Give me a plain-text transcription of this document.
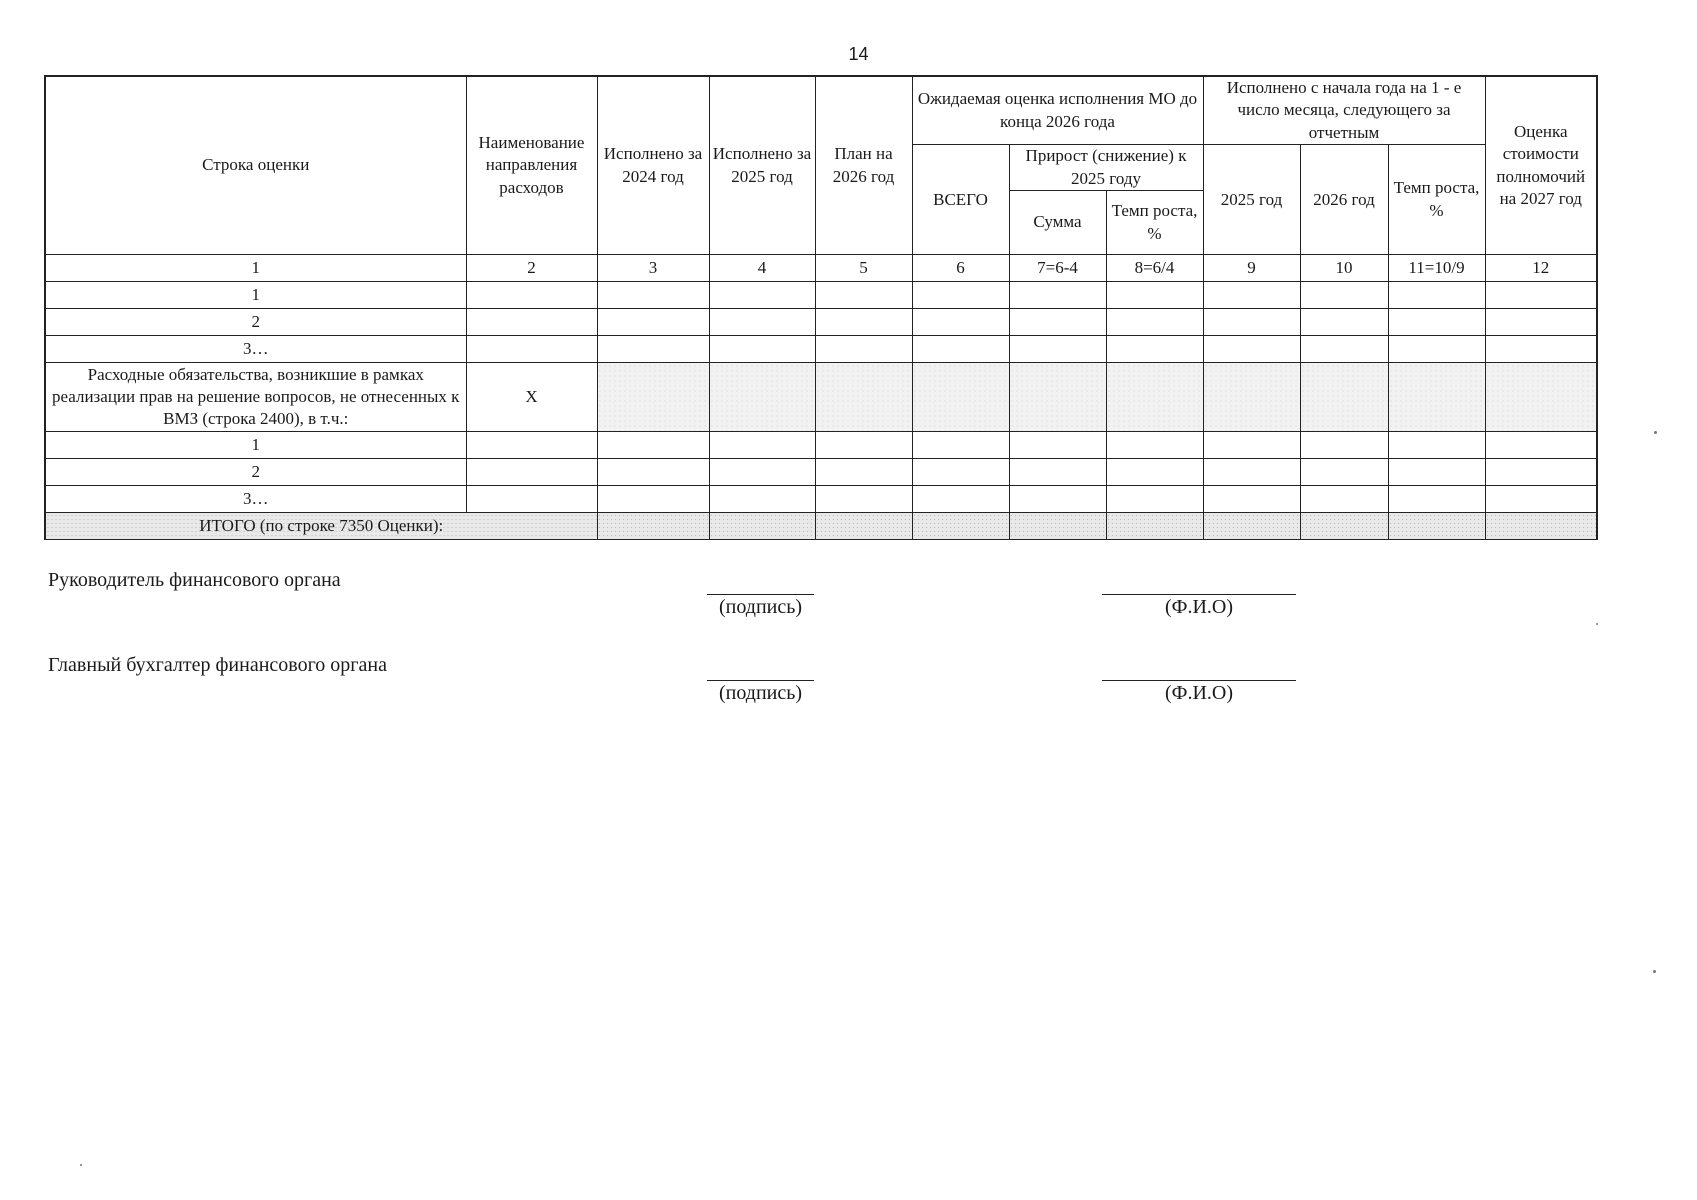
14
Строка оценки	Наименование направления расходов	Исполнено за 2024 год	Исполнено за 2025 год	План на 2026 год	Ожидаемая оценка исполнения МО до конца 2026 года			Исполнено с начала года на 1 - е число месяца, следующего за отчетным			Оценка стоимости полномочий на 2027 год
					ВСЕГО	Прирост (снижение) к 2025 году		2025 год	2026 год	Темп роста, %	
						Сумма	Темп роста, %				
1	2	3	4	5	6	7=6-4	8=6/4	9	10	11=10/9	12
1											
2											
3…											
Расходные обязательства, возникшие в рамках реализации прав на решение вопросов, не отнесенных к ВМЗ (строка 2400), в т.ч.:	X										
1											
2											
3…											
ИТОГО (по строке 7350 Оценки):											
Руководитель финансового органа
(подпись)	(Ф.И.О)
Главный бухгалтер финансового органа
(подпись)	(Ф.И.О)
